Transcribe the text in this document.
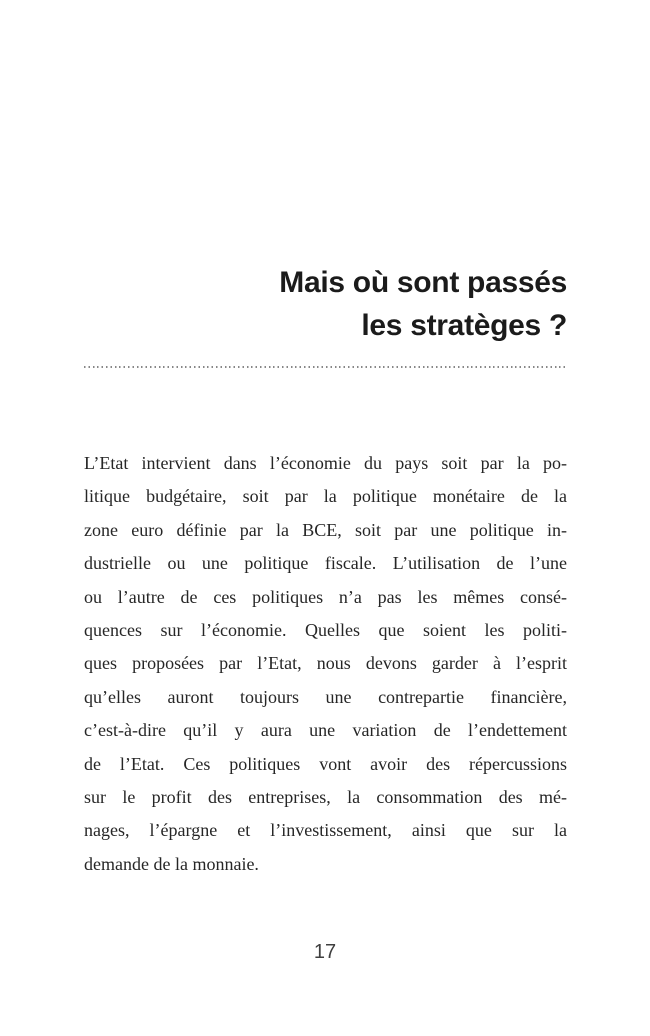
Mais où sont passés
les stratèges ?
L’Etat intervient dans l’économie du pays soit par la po-
litique budgétaire, soit par la politique monétaire de la
zone euro définie par la BCE, soit par une politique in-
dustrielle ou une politique fiscale. L’utilisation de l’une
ou l’autre de ces politiques n’a pas les mêmes consé-
quences sur l’économie. Quelles que soient les politi-
ques proposées par l’Etat, nous devons garder à l’esprit
qu’elles auront toujours une contrepartie financière,
c’est-à-dire qu’il y aura une variation de l’endettement
de l’Etat. Ces politiques vont avoir des répercussions
sur le profit des entreprises, la consommation des mé-
nages, l’épargne et l’investissement, ainsi que sur la
demande de la monnaie.
17
